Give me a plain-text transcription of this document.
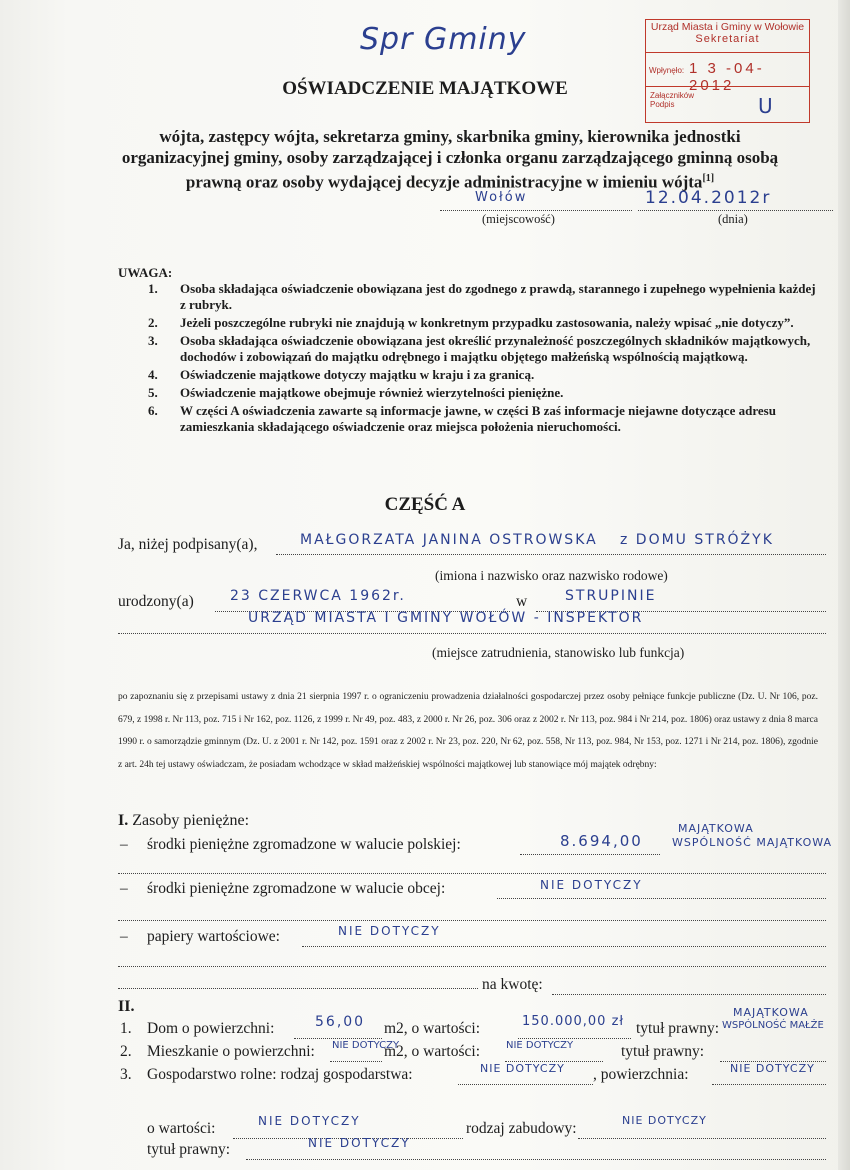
Spr Gminy	Urząd Miasta i Gminy w Wołowie
Sekretariat
Wpłynęło: 1 3 -04- 2012
Załączników
Podpis	U
OŚWIADCZENIE MAJĄTKOWE
wójta, zastępcy wójta, sekretarza gminy, skarbnika gminy, kierownika jednostki organizacyjnej gminy, osoby zarządzającej i członka organu zarządzającego gminną osobą prawną oraz osoby wydającej decyzje administracyjne w imieniu wójta[1]
Wołów
(miejscowość)
12.04.2012r
(dnia)
UWAGA:
1. Osoba składająca oświadczenie obowiązana jest do zgodnego z prawdą, starannego i zupełnego wypełnienia każdej z rubryk.
2. Jeżeli poszczególne rubryki nie znajdują w konkretnym przypadku zastosowania, należy wpisać „nie dotyczy”.
3. Osoba składająca oświadczenie obowiązana jest określić przynależność poszczególnych składników majątkowych, dochodów i zobowiązań do majątku odrębnego i majątku objętego małżeńską wspólnością majątkową.
4. Oświadczenie majątkowe dotyczy majątku w kraju i za granicą.
5. Oświadczenie majątkowe obejmuje również wierzytelności pieniężne.
6. W części A oświadczenia zawarte są informacje jawne, w części B zaś informacje niejawne dotyczące adresu zamieszkania składającego oświadczenie oraz miejsca położenia nieruchomości.
CZĘŚĆ A
Ja, niżej podpisany(a),	MAŁGORZATA JANINA OSTROWSKA z DOMU STRÓŻYK
(imiona i nazwisko oraz nazwisko rodowe)
urodzony(a)	23 CZERWCA 1962r.	w	STRUPINIE
URZĄD MIASTA I GMINY WOŁÓW - INSPEKTOR
(miejsce zatrudnienia, stanowisko lub funkcja)
po zapoznaniu się z przepisami ustawy z dnia 21 sierpnia 1997 r. o ograniczeniu prowadzenia działalności gospodarczej przez osoby pełniące funkcje publiczne (Dz. U. Nr 106, poz. 679, z 1998 r. Nr 113, poz. 715 i Nr 162, poz. 1126, z 1999 r. Nr 49, poz. 483, z 2000 r. Nr 26, poz. 306 oraz z 2002 r. Nr 113, poz. 984 i Nr 214, poz. 1806) oraz ustawy z dnia 8 marca 1990 r. o samorządzie gminnym (Dz. U. z 2001 r. Nr 142, poz. 1591 oraz z 2002 r. Nr 23, poz. 220, Nr 62, poz. 558, Nr 113, poz. 984, Nr 153, poz. 1271 i Nr 214, poz. 1806), zgodnie z art. 24h tej ustawy oświadczam, że posiadam wchodzące w skład małżeńskiej wspólności majątkowej lub stanowiące mój majątek odrębny:
I. Zasoby pieniężne:
– środki pieniężne zgromadzone w walucie polskiej:	8.694,00
MAJĄTKOWA
WSPÓLNOŚĆ MAJĄTKOWA
– środki pieniężne zgromadzone w walucie obcej:	NIE DOTYCZY
– papiery wartościowe:	NIE DOTYCZY
na kwotę:
II.
1. Dom o powierzchni:	56,00 m2, o wartości:	150.000,00 zł tytuł prawny:
MAJĄTKOWA
WSPÓLNOŚĆ MAŁŻE
2. Mieszkanie o powierzchni: NIE DOTYCZY
m2, o wartości:	NIE DOTYCZY	tytuł prawny:
3. Gospodarstwo rolne: rodzaj gospodarstwa:	NIE DOTYCZY , powierzchnia:	NIE DOTYCZY
o wartości:	NIE DOTYCZY	rodzaj zabudowy:	NIE DOTYCZY
tytuł prawny:	NIE DOTYCZY
